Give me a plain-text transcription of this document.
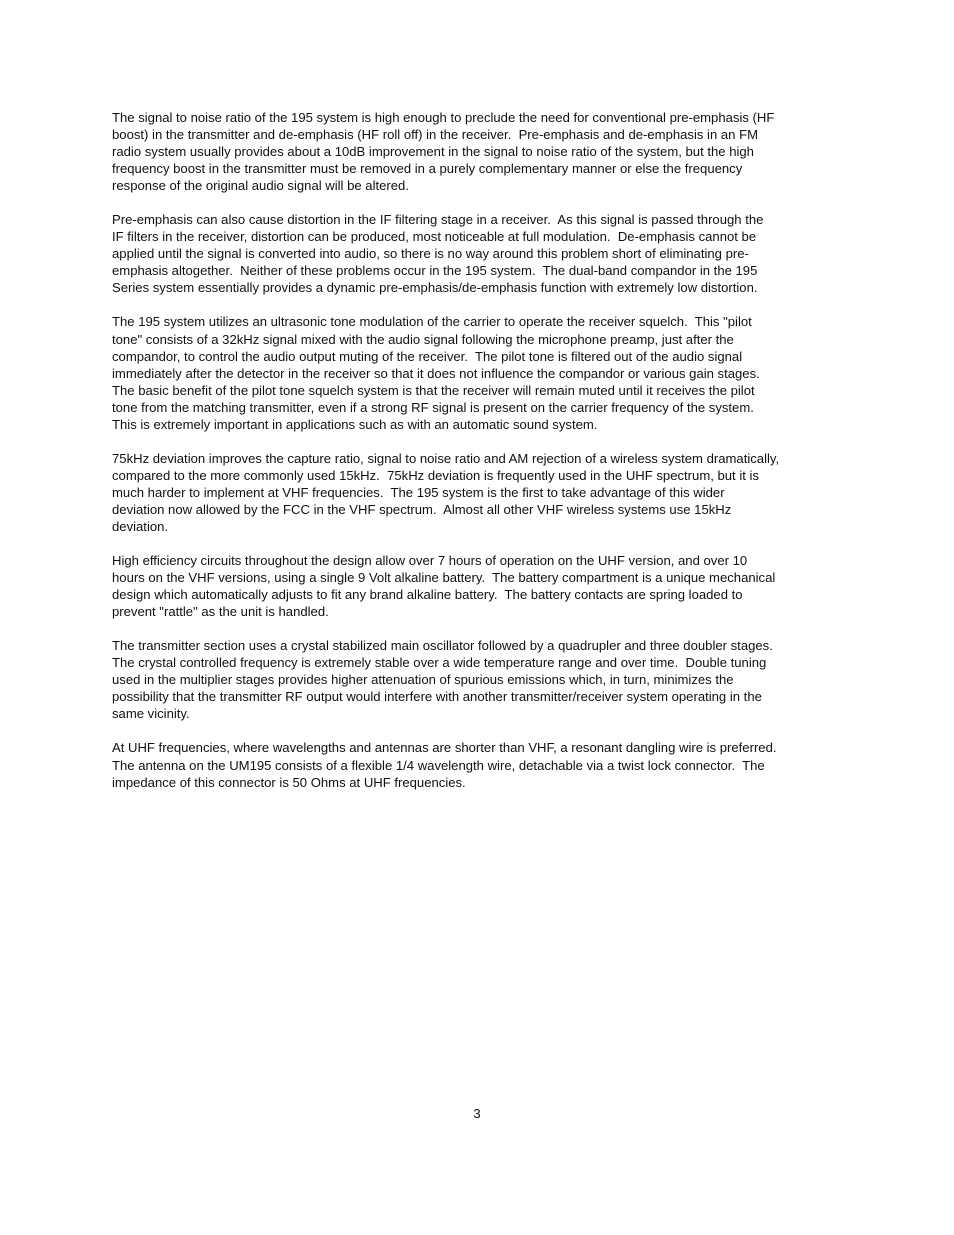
The signal to noise ratio of the 195 system is high enough to preclude the need for conventional pre-emphasis (HF
boost) in the transmitter and de-emphasis (HF roll off) in the receiver.  Pre-emphasis and de-emphasis in an FM
radio system usually provides about a 10dB improvement in the signal to noise ratio of the system, but the high
frequency boost in the transmitter must be removed in a purely complementary manner or else the frequency
response of the original audio signal will be altered.
Pre-emphasis can also cause distortion in the IF filtering stage in a receiver.  As this signal is passed through the
IF filters in the receiver, distortion can be produced, most noticeable at full modulation.  De-emphasis cannot be
applied until the signal is converted into audio, so there is no way around this problem short of eliminating pre-
emphasis altogether.  Neither of these problems occur in the 195 system.  The dual-band compandor in the 195
Series system essentially provides a dynamic pre-emphasis/de-emphasis function with extremely low distortion.
The 195 system utilizes an ultrasonic tone modulation of the carrier to operate the receiver squelch.  This "pilot
tone" consists of a 32kHz signal mixed with the audio signal following the microphone preamp, just after the
compandor, to control the audio output muting of the receiver.  The pilot tone is filtered out of the audio signal
immediately after the detector in the receiver so that it does not influence the compandor or various gain stages.
The basic benefit of the pilot tone squelch system is that the receiver will remain muted until it receives the pilot
tone from the matching transmitter, even if a strong RF signal is present on the carrier frequency of the system.
This is extremely important in applications such as with an automatic sound system.
75kHz deviation improves the capture ratio, signal to noise ratio and AM rejection of a wireless system dramatically,
compared to the more commonly used 15kHz.  75kHz deviation is frequently used in the UHF spectrum, but it is
much harder to implement at VHF frequencies.  The 195 system is the first to take advantage of this wider
deviation now allowed by the FCC in the VHF spectrum.  Almost all other VHF wireless systems use 15kHz
deviation.
High efficiency circuits throughout the design allow over 7 hours of operation on the UHF version, and over 10
hours on the VHF versions, using a single 9 Volt alkaline battery.  The battery compartment is a unique mechanical
design which automatically adjusts to fit any brand alkaline battery.  The battery contacts are spring loaded to
prevent "rattle" as the unit is handled.
The transmitter section uses a crystal stabilized main oscillator followed by a quadrupler and three doubler stages.
The crystal controlled frequency is extremely stable over a wide temperature range and over time.  Double tuning
used in the multiplier stages provides higher attenuation of spurious emissions which, in turn, minimizes the
possibility that the transmitter RF output would interfere with another transmitter/receiver system operating in the
same vicinity.
At UHF frequencies, where wavelengths and antennas are shorter than VHF, a resonant dangling wire is preferred.
The antenna on the UM195 consists of a flexible 1/4 wavelength wire, detachable via a twist lock connector.  The
impedance of this connector is 50 Ohms at UHF frequencies.
3
